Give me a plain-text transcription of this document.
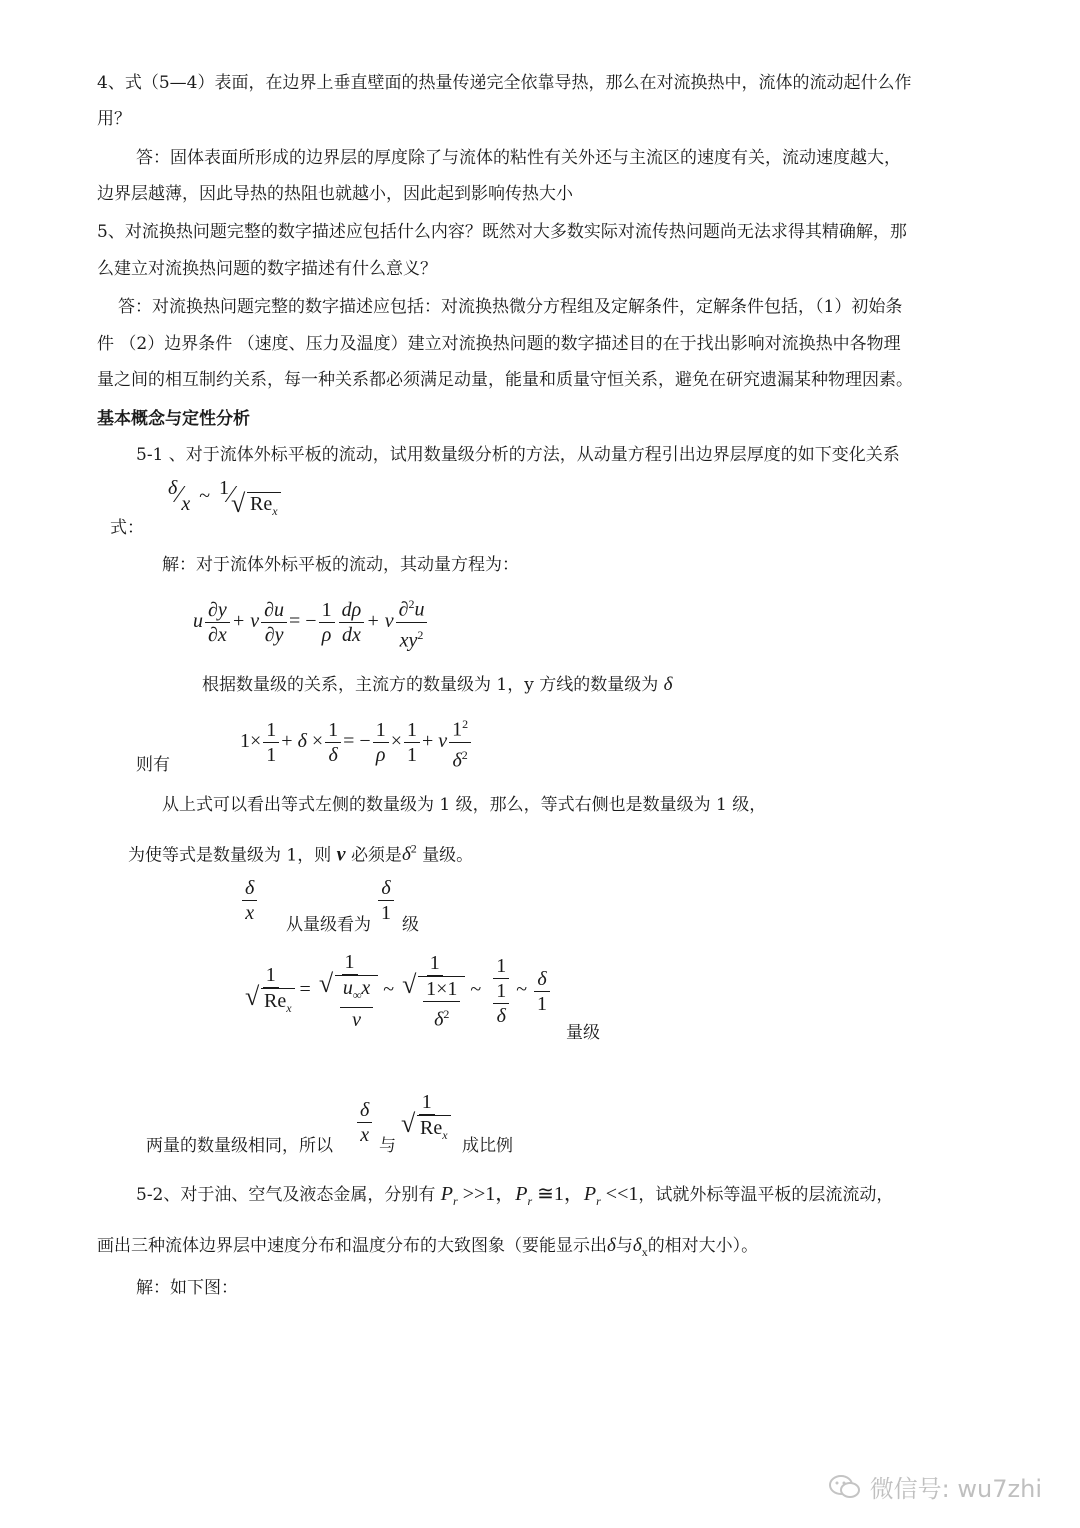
4、式（5—4）表面，在边界上垂直壁面的热量传递完全依靠导热，那么在对流换热中，流体的流动起什么作
用？
答：固体表面所形成的边界层的厚度除了与流体的粘性有关外还与主流区的速度有关，流动速度越大，
边界层越薄，因此导热的热阻也就越小，因此起到影响传热大小
5、对流换热问题完整的数字描述应包括什么内容？既然对大多数实际对流传热问题尚无法求得其精确解，那
么建立对流换热问题的数字描述有什么意义？
答：对流换热问题完整的数字描述应包括：对流换热微分方程组及定解条件，定解条件包括，（1）初始条
件 （2）边界条件 （速度、压力及温度）建立对流换热问题的数字描述目的在于找出影响对流换热中各物理
量之间的相互制约关系，每一种关系都必须满足动量，能量和质量守恒关系，避免在研究遗漏某种物理因素。
基本概念与定性分析
5-1 、对于流体外标平板的流动，试用数量级分析的方法，从动量方程引出边界层厚度的如下变化关系
δ⁄x ~ 1⁄√ $Re_x$
式：
解：对于流体外标平板的流动，其动量方程为：
u $\frac{\partial y}{\partial x} + v \frac{\partial u}{\partial y}$ = − $\frac{1}{\rho} \frac{d\rho}{dx} + v \frac{\partial^2u}{xy^2}$
根据数量级的关系，主流方的数量级为 1，y 方线的数量级为 δ
$1\times \frac{1}{1} + \delta \times \frac{1}{\delta}$ = − $\frac{1}{\rho} \times \frac{1}{1} + v \frac{1^2}{\delta^2}$
则有
从上式可以看出等式左侧的数量级为 1 级，那么，等式右侧也是数量级为 1 级，
为使等式是数量级为 1，则 v 必须是$\delta^2$ 量级。
$\frac{\delta}{x}$ 从量级看为 $\frac{\delta}{1}$ 级
1
√ $Re_x = 1$
√ $\frac{u_\infty x}{v}$ ~ 1
√ $\frac{1\times 1}{\delta^2}$ ~ $\frac{1}{\frac{1}{\delta}}$ ~ $\frac{\delta}{1}$
量级
$\frac{\delta}{x} 1$
√ $Re_x$
两量的数量级相同，所以	与	成比例
5-2、对于油、空气及液态金属，分别有 $P_r >>1$，$P_r$ ≅1，$P_r <<1$，试就外标等温平板的层流流动，
画出三种流体边界层中速度分布和温度分布的大致图象（要能显示出δ与$\delta_x$的相对大小）。
解：如下图：
微信号: wu7zhi
